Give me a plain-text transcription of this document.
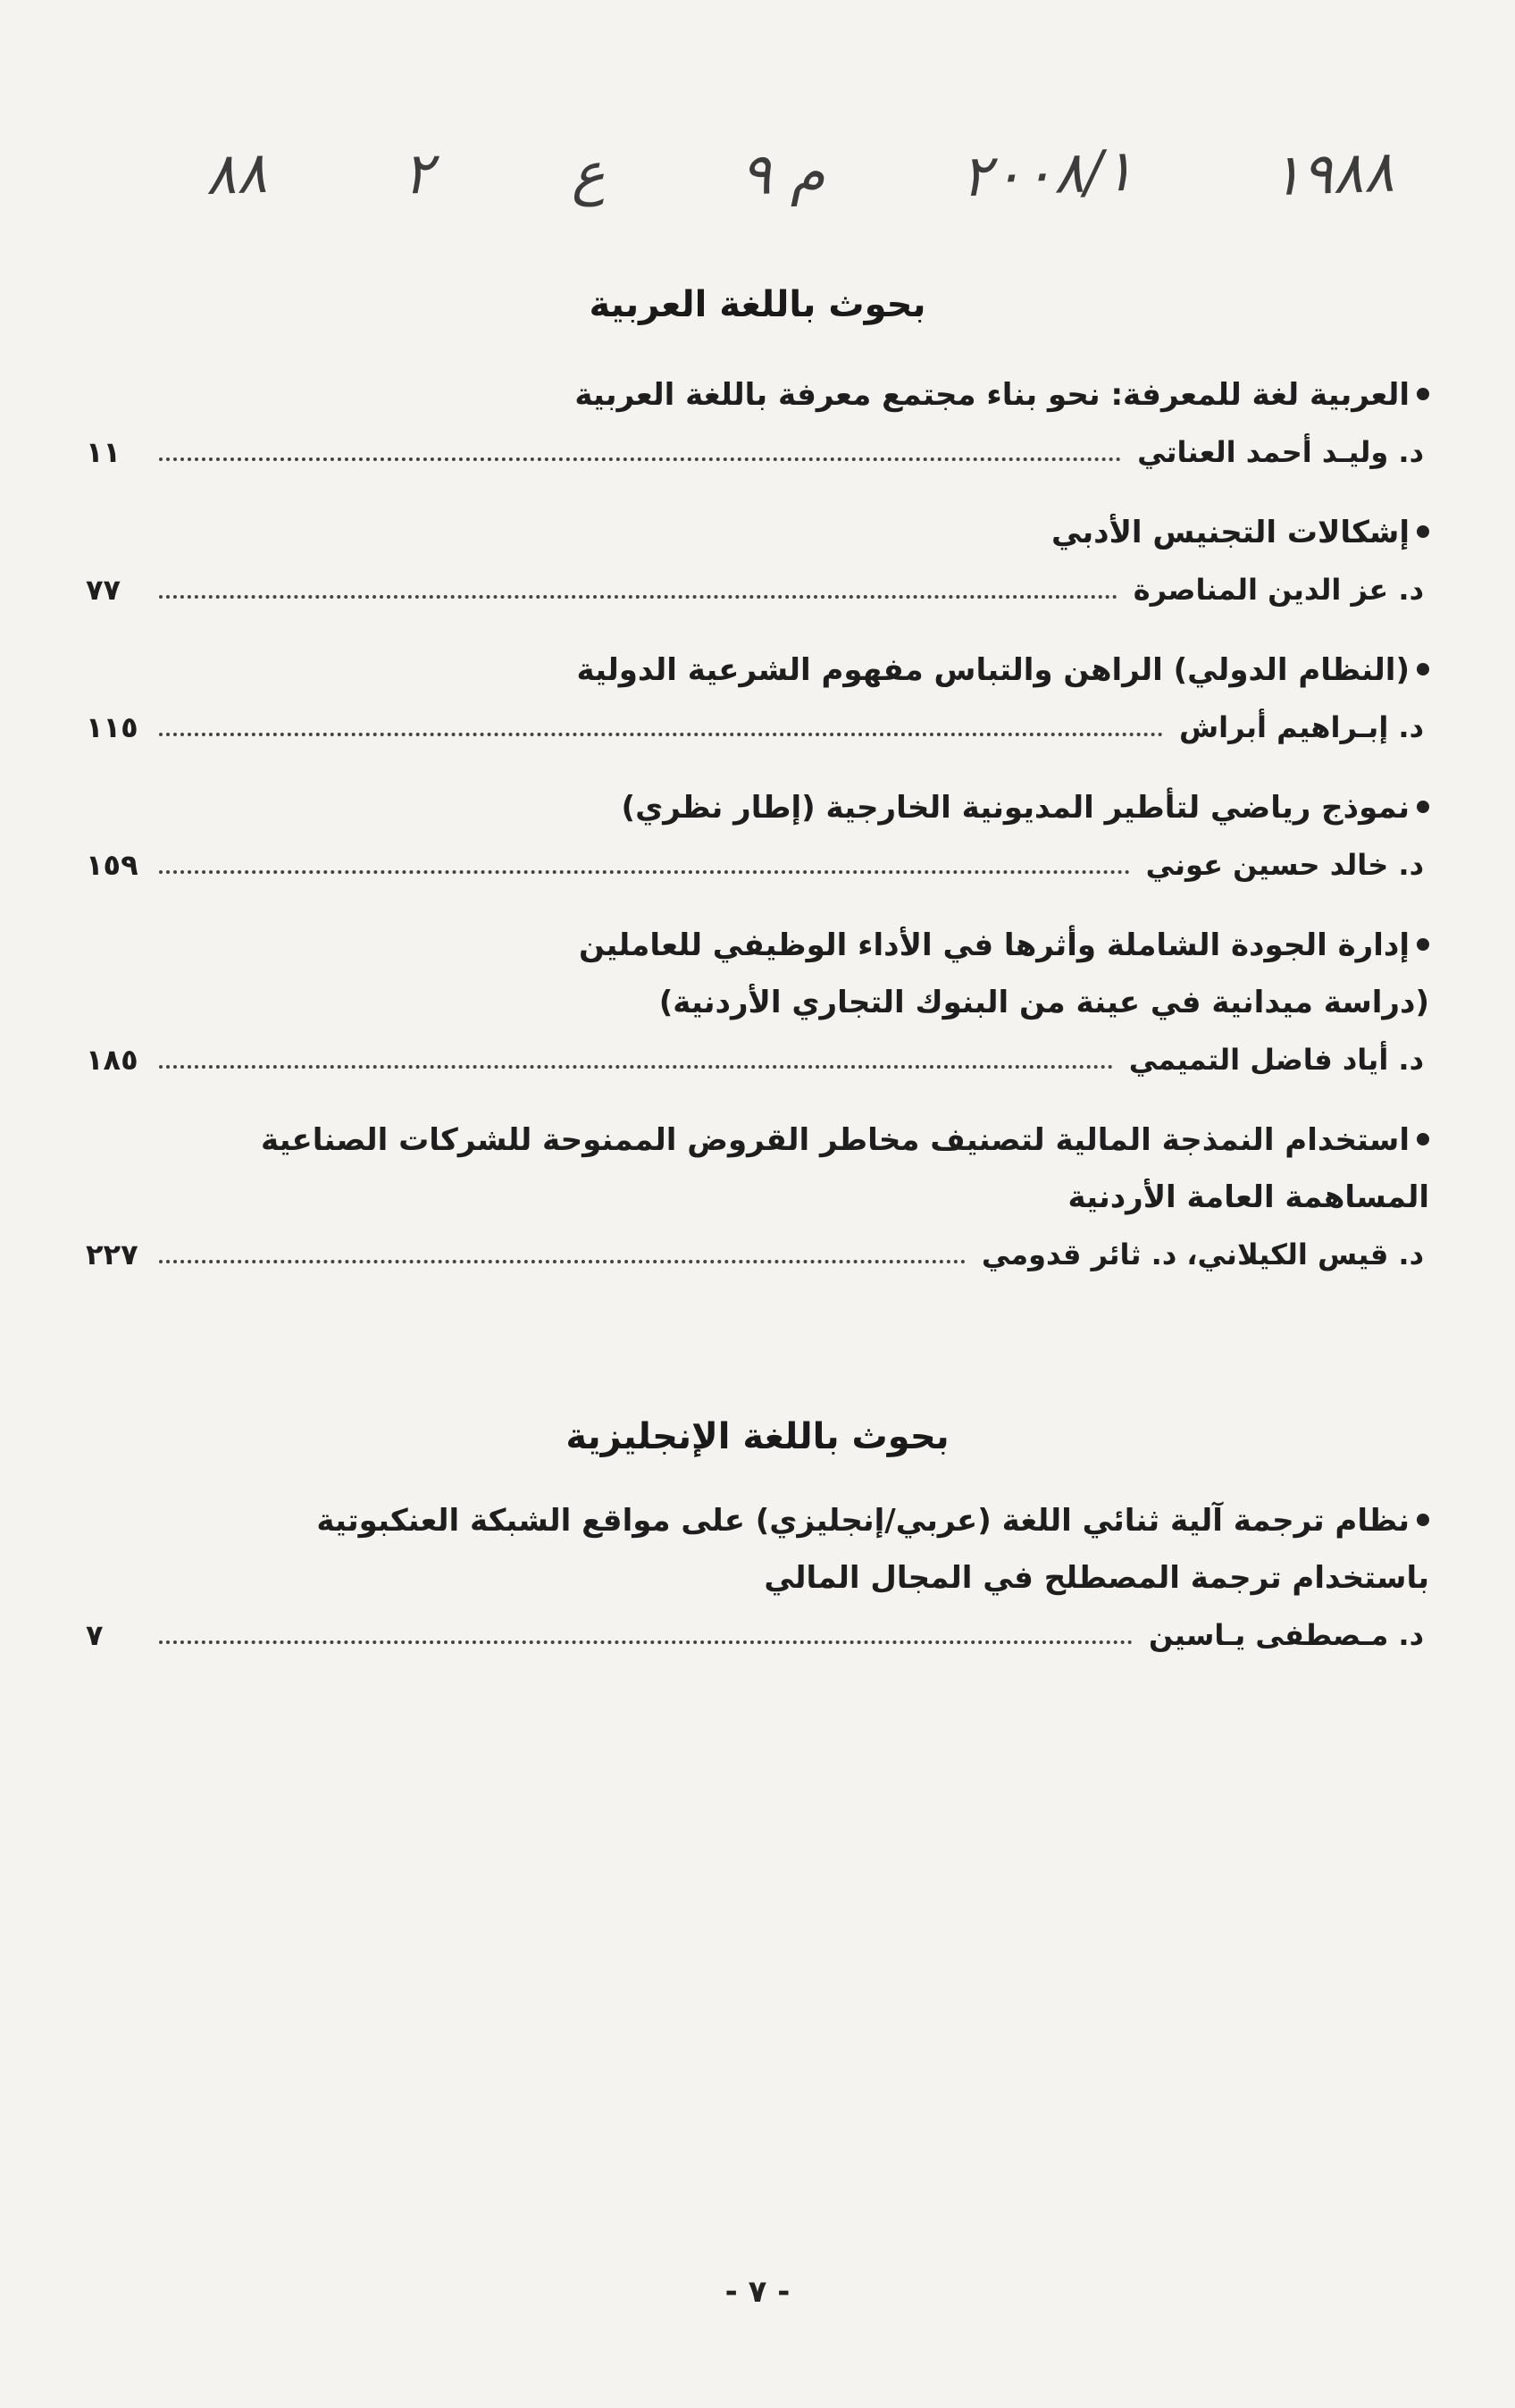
١٩٨٨
٢٠٠٨/١
م ٩
ع
٢
٨٨
بحوث باللغة العربية
العربية لغة للمعرفة: نحو بناء مجتمع معرفة باللغة العربية
د. وليـد أحمد العناتي
١١
إشكالات التجنيس الأدبي
د. عز الدين المناصرة
٧٧
(النظام الدولي) الراهن والتباس مفهوم الشرعية الدولية
د. إبـراهيم أبراش
١١٥
نموذج رياضي لتأطير المديونية الخارجية (إطار نظري)
د. خالد حسين عوني
١٥٩
إدارة الجودة الشاملة وأثرها في الأداء الوظيفي للعاملين
(دراسة ميدانية في عينة من البنوك التجاري الأردنية)
د. أياد فاضل التميمي
١٨٥
استخدام النمذجة المالية لتصنيف مخاطر القروض الممنوحة للشركات الصناعية
المساهمة العامة الأردنية
د. قيس الكيلاني، د. ثائر قدومي
٢٢٧
بحوث باللغة الإنجليزية
نظام ترجمة آلية ثنائي اللغة (عربي/إنجليزي) على مواقع الشبكة العنكبوتية
باستخدام ترجمة المصطلح في المجال المالي
د. مـصطفى يـاسين
٧
- ٧ -
